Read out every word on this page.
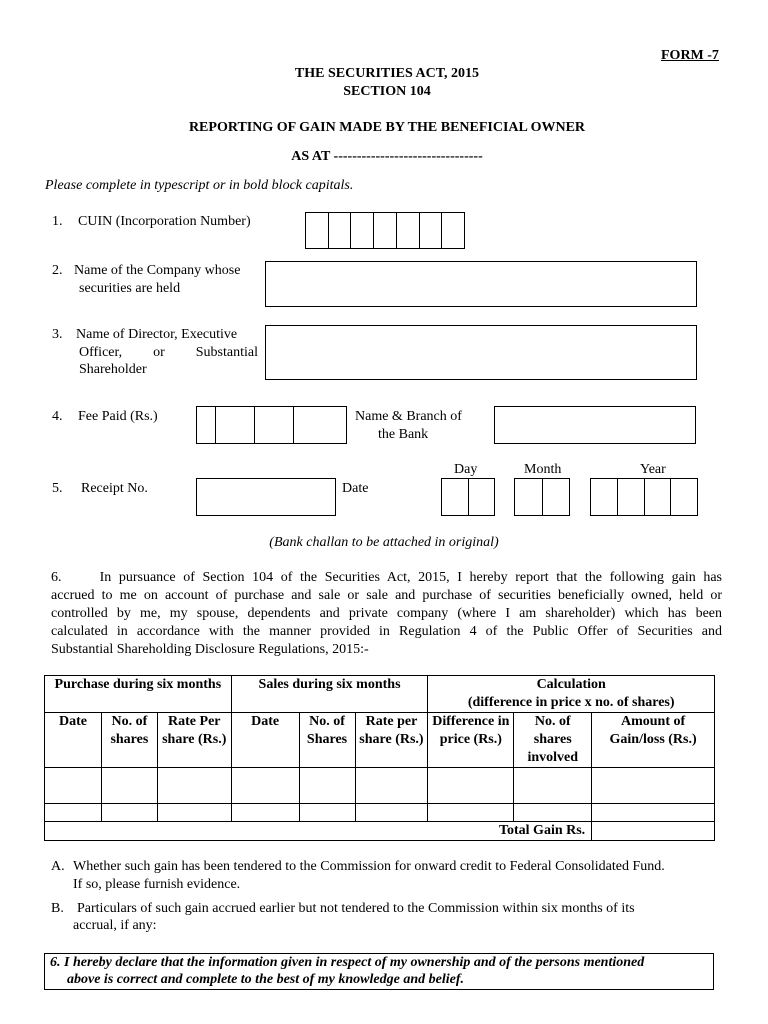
FORM -7
THE SECURITIES ACT, 2015
SECTION 104
REPORTING OF GAIN MADE BY THE BENEFICIAL OWNER
AS AT --------------------------------
Please complete in typescript or in bold block capitals.
1. CUIN (Incorporation Number)
2. Name of the Company whose
securities are held
3. Name of Director, Executive
Officer, or Substantial
Shareholder
4. Fee Paid (Rs.)	Name & Branch of
the Bank
Day	Month	Year
5. Receipt No.	Date
(Bank challan to be attached in original)
6.	In pursuance of Section 104 of the Securities Act, 2015, I hereby report that the following gain has
accrued to me on account of purchase and sale or sale and purchase of securities beneficially owned, held or
controlled by me, my spouse, dependents and private company (where I am shareholder) which has been
calculated in accordance with the manner provided in Regulation 4 of the Public Offer of Securities and
Substantial Shareholding Disclosure Regulations, 2015:-
Purchase during six months			Sales during six months			Calculation
(difference in price x no. of shares)		

Date	No. of shares	Rate Per share (Rs.)	Date	No. of Shares	Rate per share (Rs.)	Difference in price (Rs.)	No. of shares involved	Amount of Gain/loss (Rs.)

Total Gain Rs.								
A. Whether such gain has been tendered to the Commission for onward credit to Federal Consolidated Fund.
If so, please furnish evidence.
B. Particulars of such gain accrued earlier but not tendered to the Commission within six months of its
accrual, if any:
6. I hereby declare that the information given in respect of my ownership and of the persons mentioned
above is correct and complete to the best of my knowledge and belief.
